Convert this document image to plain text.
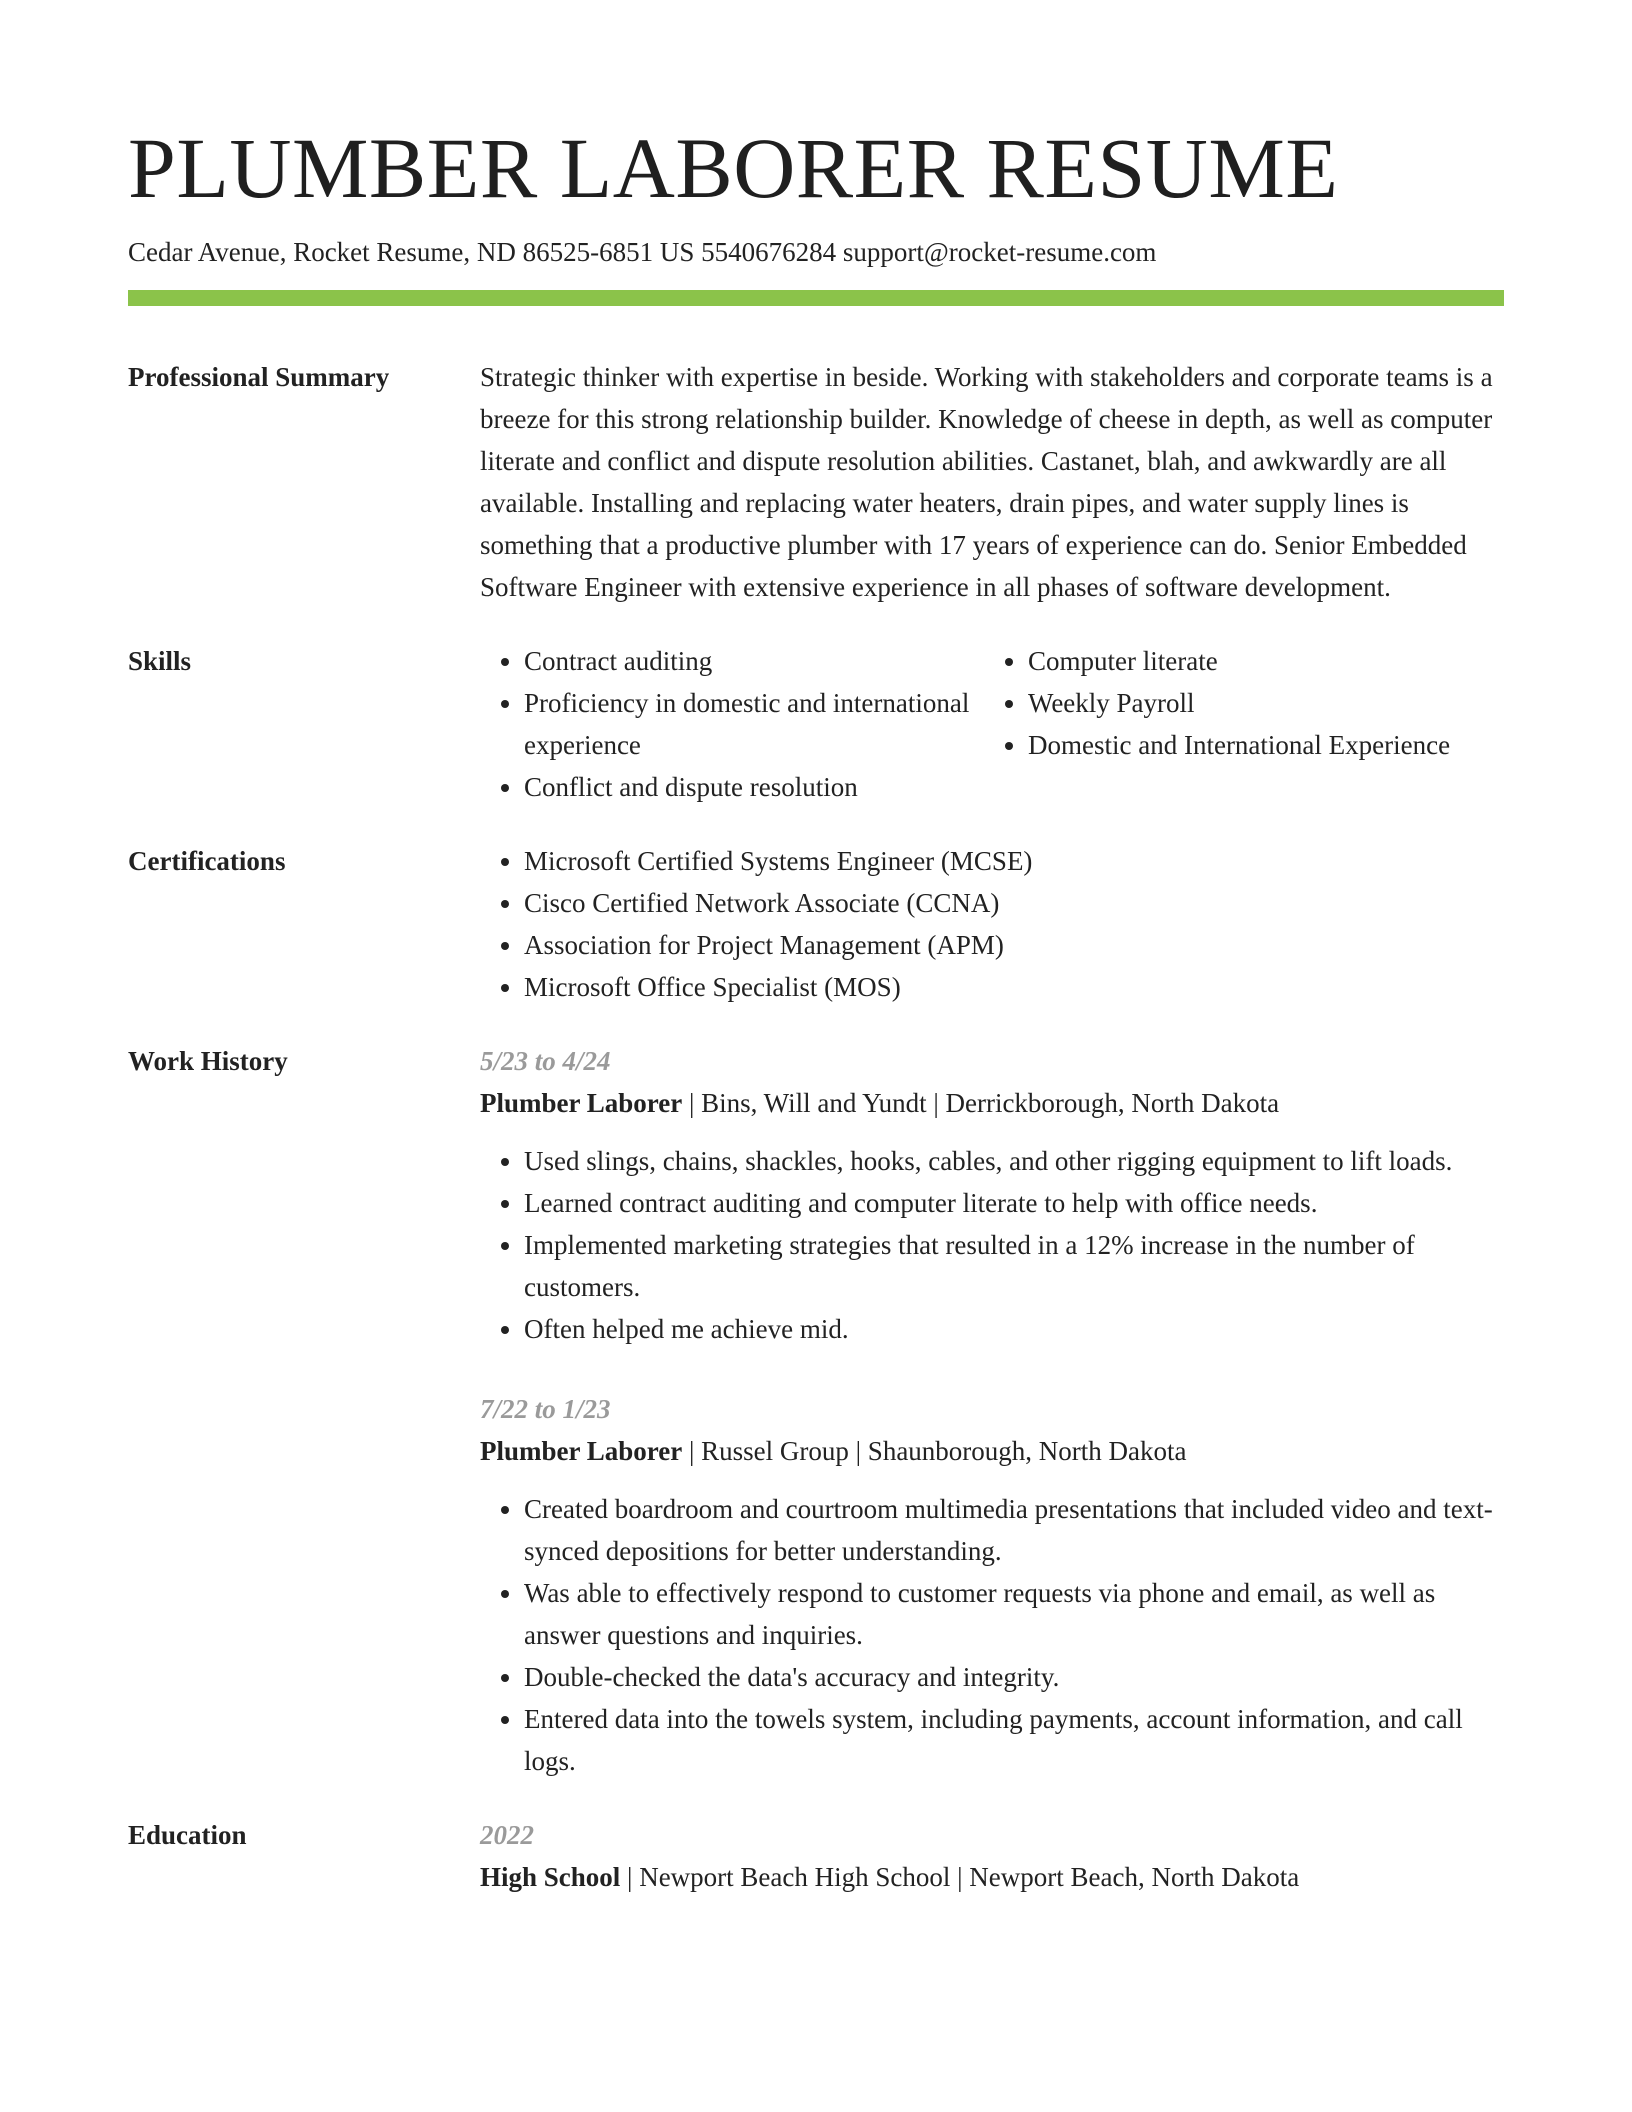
PLUMBER LABORER RESUME
Cedar Avenue, Rocket Resume, ND 86525-6851 US 5540676284 support@rocket-resume.com
Professional Summary	Strategic thinker with expertise in beside. Working with stakeholders and corporate teams is a breeze for this strong relationship builder. Knowledge of cheese in depth, as well as computer literate and conflict and dispute resolution abilities. Castanet, blah, and awkwardly are all available. Installing and replacing water heaters, drain pipes, and water supply lines is something that a productive plumber with 17 years of experience can do. Senior Embedded Software Engineer with extensive experience in all phases of software development.

Skills	• Contract auditing
• Proficiency in domestic and international experience
• Conflict and dispute resolution
• Computer literate
• Weekly Payroll
• Domestic and International Experience
Certifications	• Microsoft Certified Systems Engineer (MCSE)
• Cisco Certified Network Associate (CCNA)
• Association for Project Management (APM)
• Microsoft Office Specialist (MOS)
Work History	5/23 to 4/24
Plumber Laborer | Bins, Will and Yundt | Derrickborough, North Dakota
• Used slings, chains, shackles, hooks, cables, and other rigging equipment to lift loads.
• Learned contract auditing and computer literate to help with office needs.
• Implemented marketing strategies that resulted in a 12% increase in the number of customers.
• Often helped me achieve mid.
7/22 to 1/23
Plumber Laborer | Russel Group | Shaunborough, North Dakota
• Created boardroom and courtroom multimedia presentations that included video and text-synced depositions for better understanding.
• Was able to effectively respond to customer requests via phone and email, as well as answer questions and inquiries.
• Double-checked the data's accuracy and integrity.
• Entered data into the towels system, including payments, account information, and call logs.
Education	2022
High School | Newport Beach High School | Newport Beach, North Dakota
